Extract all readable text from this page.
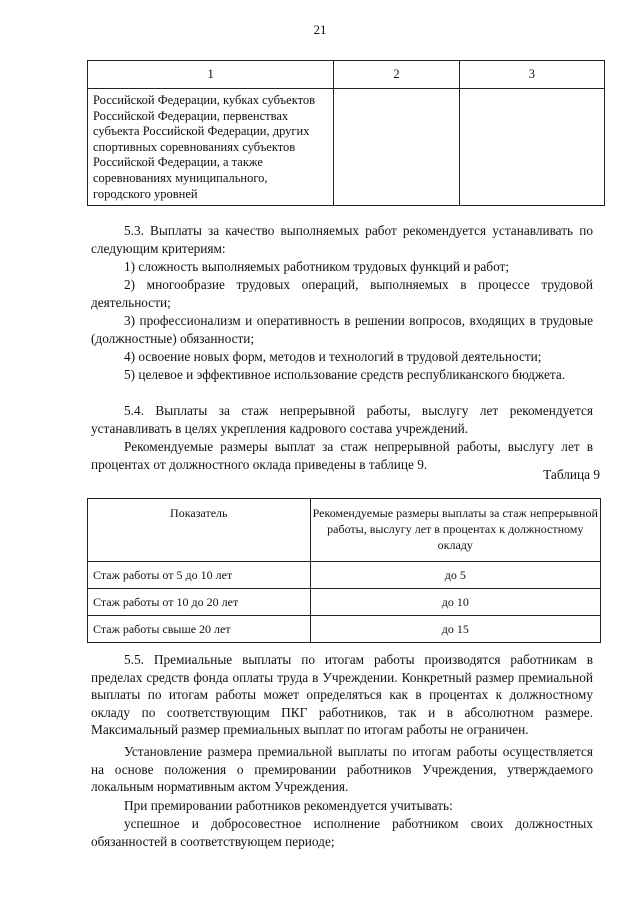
21
1	2	3
Российской Федерации, кубках субъектов Российской Федерации, первенствах субъекта Российской Федерации, других спортивных соревнованиях субъектов Российской Федерации, а также соревнованиях муниципального, городского уровней		
5.3. Выплаты за качество выполняемых работ рекомендуется устанавливать по следующим критериям:
1) сложность выполняемых работником трудовых функций и работ;
2) многообразие трудовых операций, выполняемых в процессе трудовой деятельности;
3) профессионализм и оперативность в решении вопросов, входящих в трудовые (должностные) обязанности;
4) освоение новых форм, методов и технологий в трудовой деятельности;
5) целевое и эффективное использование средств республиканского бюджета.
5.4. Выплаты за стаж непрерывной работы, выслугу лет рекомендуется устанавливать в целях укрепления кадрового состава учреждений.
Рекомендуемые размеры выплат за стаж непрерывной работы, выслугу лет в процентах от должностного оклада приведены в таблице 9.
Таблица 9
Показатель	Рекомендуемые размеры выплаты за стаж непрерывной работы, выслугу лет в процентах к должностному окладу
Стаж работы от 5 до 10 лет	до 5
Стаж работы от 10 до 20 лет	до 10
Стаж работы свыше 20 лет	до 15
5.5. Премиальные выплаты по итогам работы производятся работникам в пределах средств фонда оплаты труда в Учреждении. Конкретный размер премиальной выплаты по итогам работы может определяться как в процентах к должностному окладу по соответствующим ПКГ работников, так и в абсолютном размере. Максимальный размер премиальных выплат по итогам работы не ограничен.
Установление размера премиальной выплаты по итогам работы осуществляется на основе положения о премировании работников Учреждения, утверждаемого локальным нормативным актом Учреждения.
При премировании работников рекомендуется учитывать:
успешное и добросовестное исполнение работником своих должностных обязанностей в соответствующем периоде;
